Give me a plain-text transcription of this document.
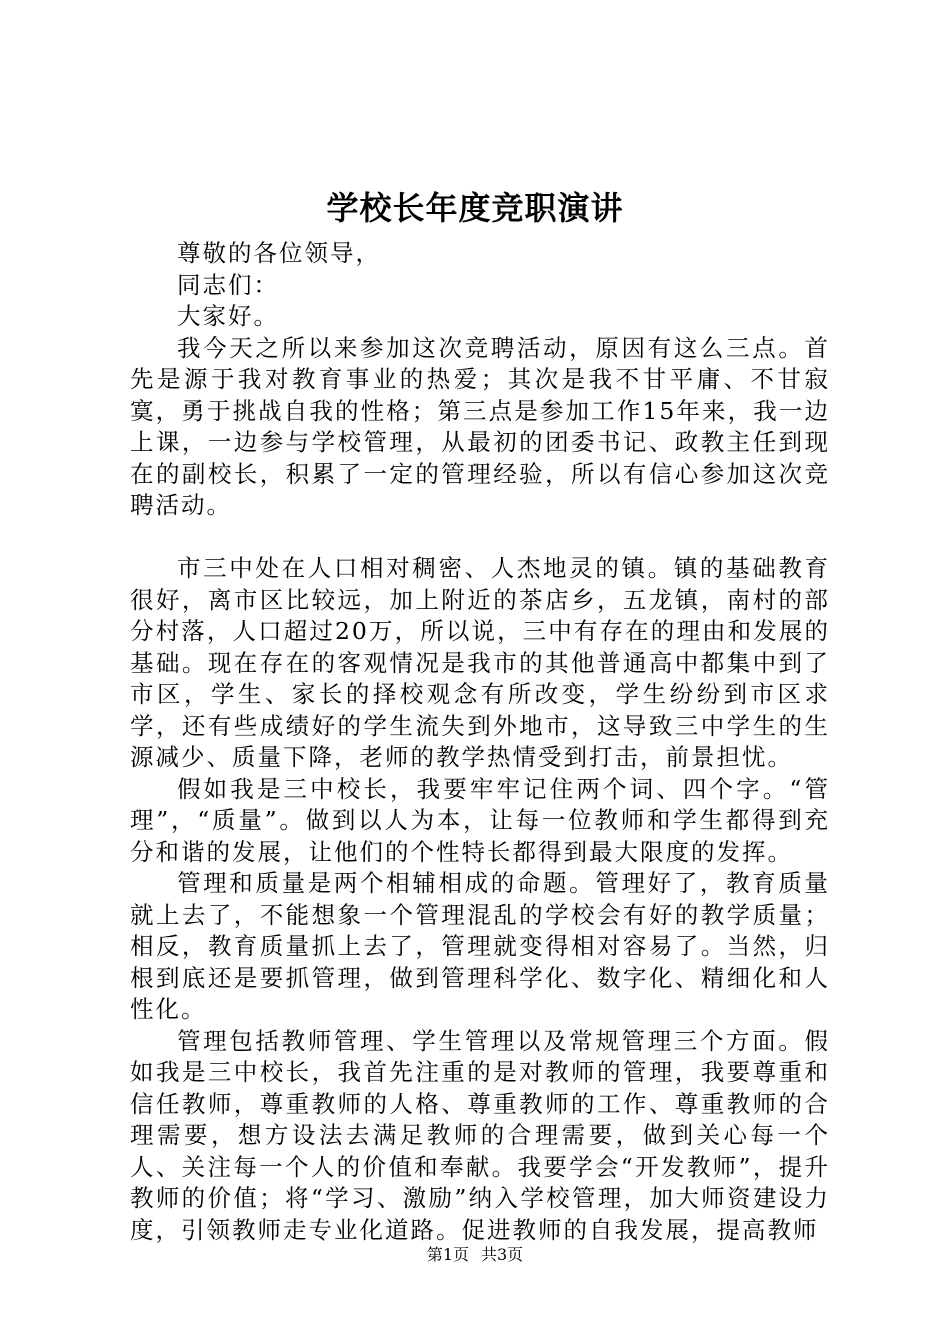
学校长年度竞职演讲

尊敬的各位领导，

同志们：

大家好。

我今天之所以来参加这次竞聘活动，原因有这么三点。首先是源于我对教育事业的热爱；其次是我不甘平庸、不甘寂寞，勇于挑战自我的性格；第三点是参加工作15年来，我一边上课，一边参与学校管理，从最初的团委书记、政教主任到现在的副校长，积累了一定的管理经验，所以有信心参加这次竞聘活动。

市三中处在人口相对稠密、人杰地灵的镇。镇的基础教育很好，离市区比较远，加上附近的茶店乡，五龙镇，南村的部分村落，人口超过20万，所以说，三中有存在的理由和发展的基础。现在存在的客观情况是我市的其他普通高中都集中到了市区，学生、家长的择校观念有所改变，学生纷纷到市区求学，还有些成绩好的学生流失到外地市，这导致三中学生的生源减少、质量下降，老师的教学热情受到打击，前景担忧。

假如我是三中校长，我要牢牢记住两个词、四个字。“管理”，“质量”。做到以人为本，让每一位教师和学生都得到充分和谐的发展，让他们的个性特长都得到最大限度的发挥。

管理和质量是两个相辅相成的命题。管理好了，教育质量就上去了，不能想象一个管理混乱的学校会有好的教学质量；相反，教育质量抓上去了，管理就变得相对容易了。当然，归根到底还是要抓管理，做到管理科学化、数字化、精细化和人性化。

管理包括教师管理、学生管理以及常规管理三个方面。假如我是三中校长，我首先注重的是对教师的管理，我要尊重和信任教师，尊重教师的人格、尊重教师的工作、尊重教师的合理需要，想方设法去满足教师的合理需要，做到关心每一个人、关注每一个人的价值和奉献。我要学会“开发教师”，提升教师的价值；将“学习、激励”纳入学校管理，加大师资建设力度，引领教师走专业化道路。促进教师的自我发展，提高教师

第1页 共3页
